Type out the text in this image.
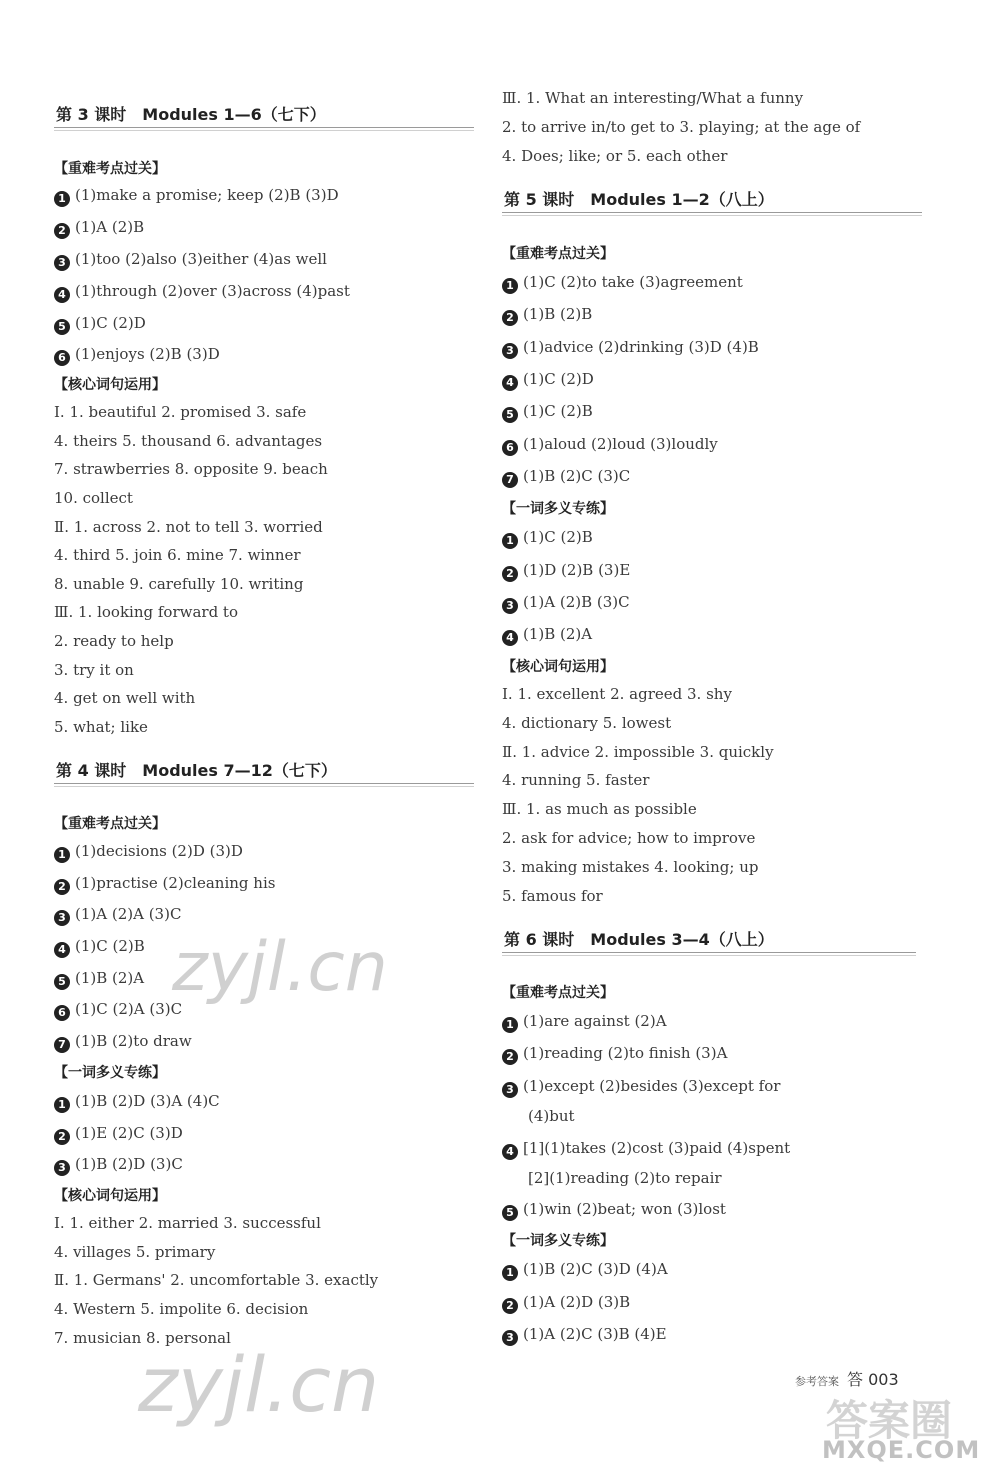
第 3 课时 Modules 1—6（七下）
【重难考点过关】
1 (1)make a promise; keep (2)B (3)D
2 (1)A (2)B
3 (1)too (2)also (3)either (4)as well
4 (1)through (2)over (3)across (4)past
5 (1)C (2)D
6 (1)enjoys (2)B (3)D
【核心词句运用】
Ⅰ. 1. beautiful 2. promised 3. safe
4. theirs 5. thousand 6. advantages
7. strawberries 8. opposite 9. beach
10. collect
Ⅱ. 1. across 2. not to tell 3. worried
4. third 5. join 6. mine 7. winner
8. unable 9. carefully 10. writing
Ⅲ. 1. looking forward to
2. ready to help
3. try it on
4. get on well with
5. what; like
第 4 课时 Modules 7—12（七下）
【重难考点过关】
1 (1)decisions (2)D (3)D
2 (1)practise (2)cleaning his
3 (1)A (2)A (3)C
4 (1)C (2)B
5 (1)B (2)A
6 (1)C (2)A (3)C
7 (1)B (2)to draw
【一词多义专练】
1 (1)B (2)D (3)A (4)C
2 (1)E (2)C (3)D
3 (1)B (2)D (3)C
【核心词句运用】
Ⅰ. 1. either 2. married 3. successful
4. villages 5. primary
Ⅱ. 1. Germans' 2. uncomfortable 3. exactly
4. Western 5. impolite 6. decision
7. musician 8. personal
Ⅲ. 1. What an interesting/What a funny
2. to arrive in/to get to 3. playing; at the age of
4. Does; like; or 5. each other
第 5 课时 Modules 1—2（八上）
【重难考点过关】
1 (1)C (2)to take (3)agreement
2 (1)B (2)B
3 (1)advice (2)drinking (3)D (4)B
4 (1)C (2)D
5 (1)C (2)B
6 (1)aloud (2)loud (3)loudly
7 (1)B (2)C (3)C
【一词多义专练】
1 (1)C (2)B
2 (1)D (2)B (3)E
3 (1)A (2)B (3)C
4 (1)B (2)A
【核心词句运用】
Ⅰ. 1. excellent 2. agreed 3. shy
4. dictionary 5. lowest
Ⅱ. 1. advice 2. impossible 3. quickly
4. running 5. faster
Ⅲ. 1. as much as possible
2. ask for advice; how to improve
3. making mistakes 4. looking; up
5. famous for
第 6 课时 Modules 3—4（八上）
【重难考点过关】
1 (1)are against (2)A
2 (1)reading (2)to finish (3)A
3 (1)except (2)besides (3)except for
(4)but
4 [1](1)takes (2)cost (3)paid (4)spent
[2](1)reading (2)to repair
5 (1)win (2)beat; won (3)lost
【一词多义专练】
1 (1)B (2)C (3)D (4)A
2 (1)A (2)D (3)B
3 (1)A (2)C (3)B (4)E
zyjl.cn
zyjl.cn	参考答案 答 003
答案圈
MXQE.COM
